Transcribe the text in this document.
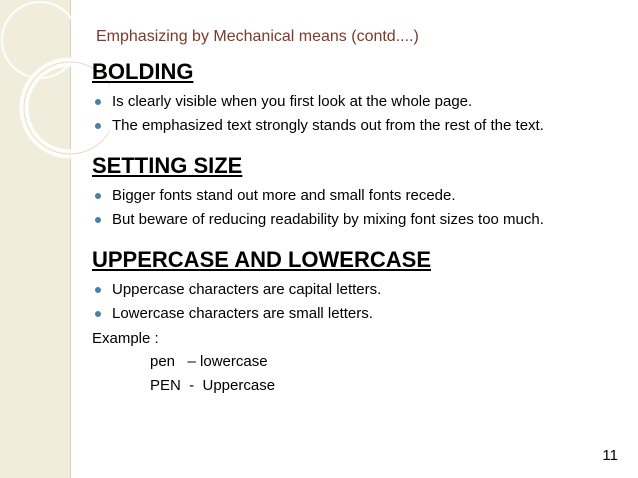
Emphasizing by Mechanical means (contd....)
BOLDING
Is clearly visible when you first look at the whole page.
The emphasized text strongly stands out from the rest of the text.
SETTING SIZE
Bigger fonts stand out more and small fonts recede.
But beware of reducing readability by mixing font sizes too much.
UPPERCASE AND LOWERCASE
Uppercase characters are capital letters.
Lowercase characters are small letters.
Example :
pen   – lowercase
PEN  -  Uppercase
11
